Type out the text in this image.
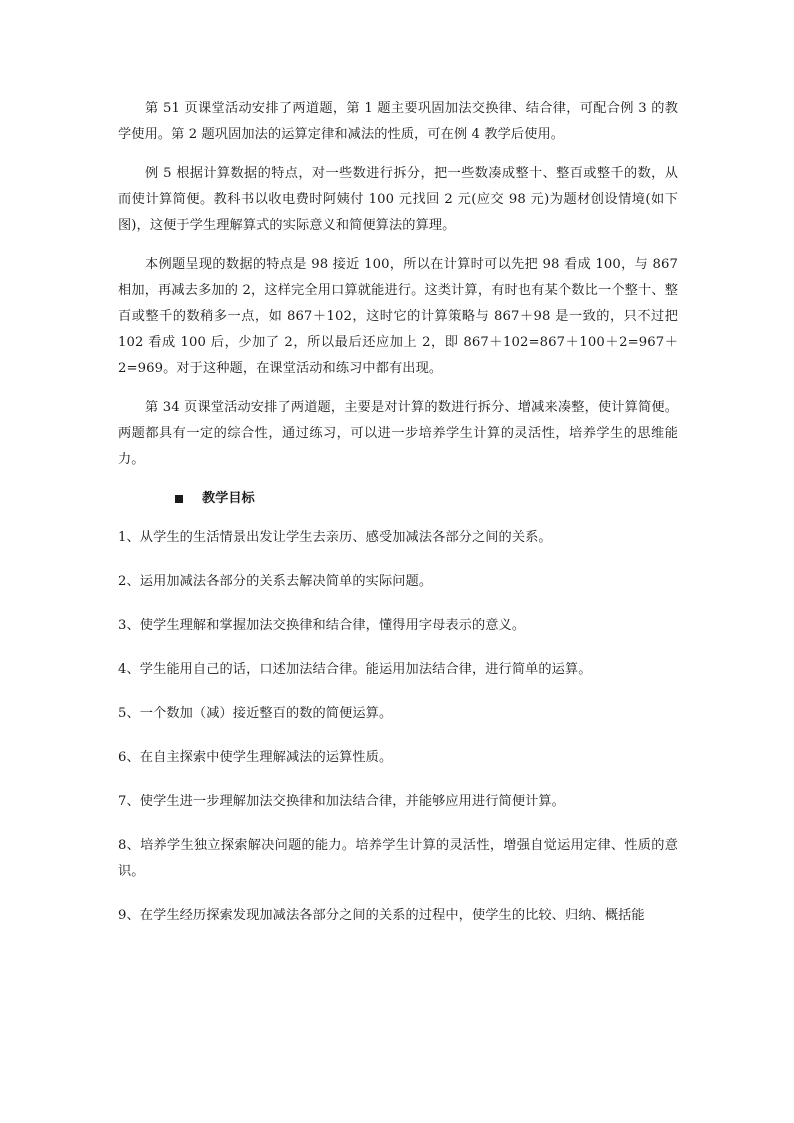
第 51 页课堂活动安排了两道题，第 1 题主要巩固加法交换律、结合律，可配合例 3 的教学使用。第 2 题巩固加法的运算定律和减法的性质，可在例 4 教学后使用。

例 5 根据计算数据的特点，对一些数进行拆分，把一些数凑成整十、整百或整千的数，从而使计算简便。教科书以收电费时阿姨付 100 元找回 2 元(应交 98 元)为题材创设情境(如下图)，这便于学生理解算式的实际意义和简便算法的算理。

本例题呈现的数据的特点是 98 接近 100，所以在计算时可以先把 98 看成 100，与 867 相加，再减去多加的 2，这样完全用口算就能进行。这类计算，有时也有某个数比一个整十、整百或整千的数稍多一点，如 867＋102，这时它的计算策略与 867＋98 是一致的，只不过把 102 看成 100 后，少加了 2，所以最后还应加上 2，即 867＋102=867＋100＋2=967＋2=969。对于这种题，在课堂活动和练习中都有出现。

第 34 页课堂活动安排了两道题，主要是对计算的数进行拆分、增减来凑整，使计算简便。两题都具有一定的综合性，通过练习，可以进一步培养学生计算的灵活性，培养学生的思维能力。

教学目标

1、从学生的生活情景出发让学生去亲历、感受加减法各部分之间的关系。

2、运用加减法各部分的关系去解决简单的实际问题。

3、使学生理解和掌握加法交换律和结合律，懂得用字母表示的意义。

4、学生能用自己的话，口述加法结合律。能运用加法结合律，进行简单的运算。

5、一个数加（减）接近整百的数的简便运算。

6、在自主探索中使学生理解减法的运算性质。

7、使学生进一步理解加法交换律和加法结合律，并能够应用进行简便计算。

8、培养学生独立探索解决问题的能力。培养学生计算的灵活性，增强自觉运用定律、性质的意识。

9、在学生经历探索发现加减法各部分之间的关系的过程中，使学生的比较、归纳、概括能
